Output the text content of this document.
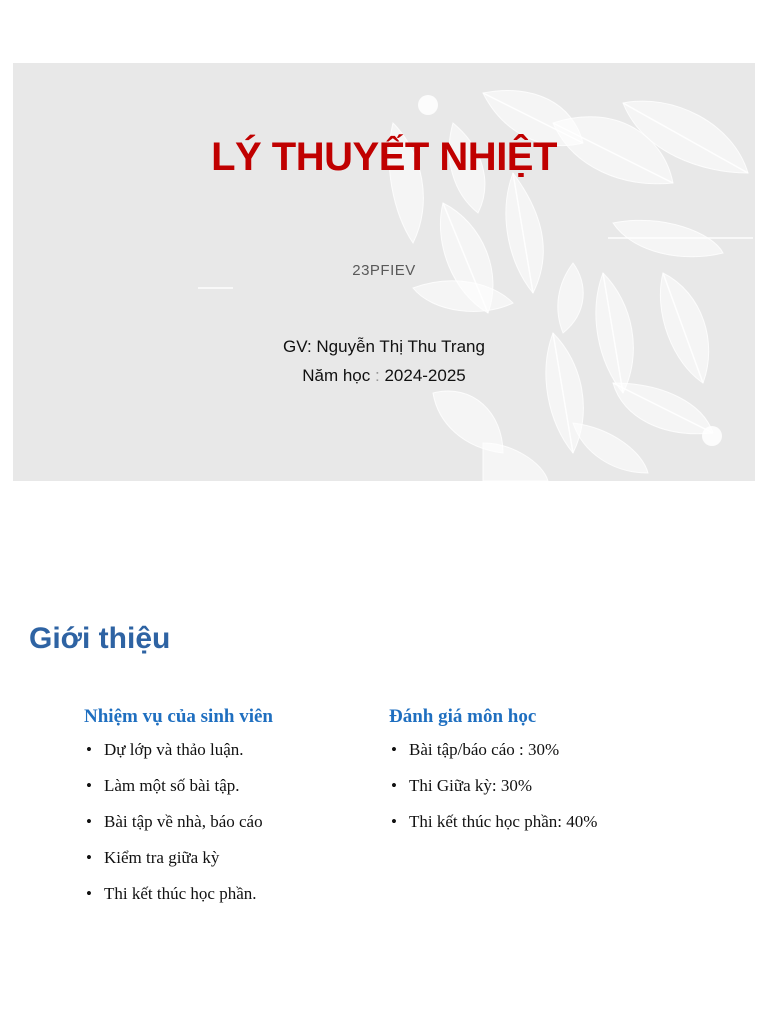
LÝ THUYẾT NHIỆT
23PFIEV
GV: Nguyễn Thị Thu Trang
Năm học : 2024-2025
Giới thiệu
Nhiệm vụ của sinh viên
• Dự lớp và thảo luận.
• Làm một số bài tập.
• Bài tập về nhà, báo cáo
• Kiểm tra giữa kỳ
• Thi kết thúc học phần.
Đánh giá môn học
• Bài tập/báo cáo : 30%
• Thi Giữa kỳ: 30%
• Thi kết thúc học phần: 40%
